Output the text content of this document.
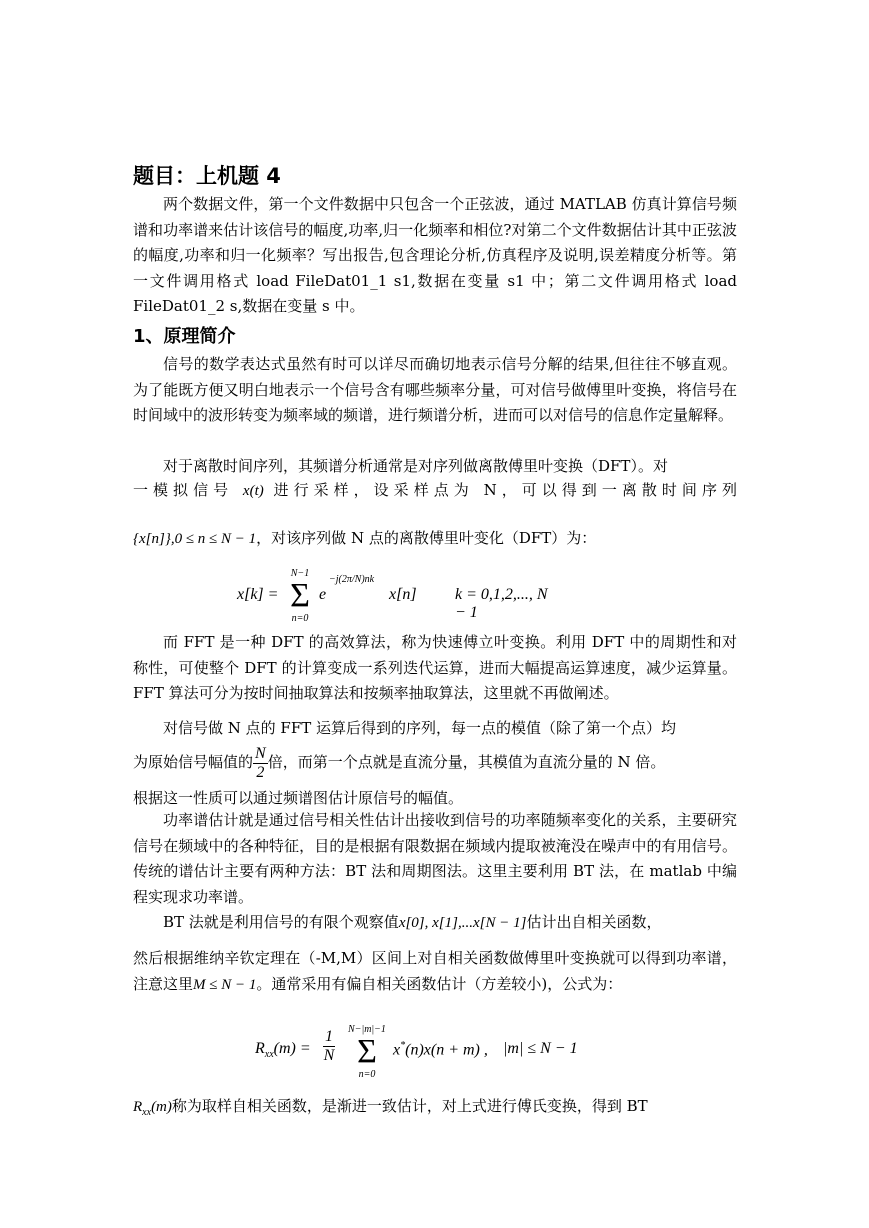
题目：上机题 4

两个数据文件，第一个文件数据中只包含一个正弦波，通过 MATLAB 仿真计算信号频谱和功率谱来估计该信号的幅度,功率,归一化频率和相位?对第二个文件数据估计其中正弦波的幅度,功率和归一化频率？写出报告,包含理论分析,仿真程序及说明,误差精度分析等。第一文件调用格式 load FileDat01_1 s1,数据在变量 s1 中；第二文件调用格式 load FileDat01_2 s,数据在变量 s 中。

1、原理简介

信号的数学表达式虽然有时可以详尽而确切地表示信号分解的结果,但往往不够直观。为了能既方便又明白地表示一个信号含有哪些频率分量，可对信号做傅里叶变换，将信号在时间域中的波形转变为频率域的频谱，进行频谱分析，进而可以对信号的信息作定量解释。

对于离散时间序列，其频谱分析通常是对序列做离散傅里叶变换（DFT）。对

一模拟信号 x(t) 进行采样，设采样点为 N，可以得到一离散时间序列

{x[n]},0 ≤ n ≤ N − 1，对该序列做 N 点的离散傅里叶变化（DFT）为：

x[k] =
N−1
Σ
n=0
e
−j(2π/N)nk
x[n] k = 0,1,2,..., N − 1

而 FFT 是一种 DFT 的高效算法，称为快速傅立叶变换。利用 DFT 中的周期性和对称性，可使整个 DFT 的计算变成一系列迭代运算，进而大幅提高运算速度，减少运算量。FFT 算法可分为按时间抽取算法和按频率抽取算法，这里就不再做阐述。

对信号做 N 点的 FFT 运算后得到的序列，每一点的模值（除了第一个点）均

为原始信号幅值的 $\frac{N}{2}$ 倍，而第一个点就是直流分量，其模值为直流分量的 N 倍。

根据这一性质可以通过频谱图估计原信号的幅值。

功率谱估计就是通过信号相关性估计出接收到信号的功率随频率变化的关系，主要研究信号在频域中的各种特征，目的是根据有限数据在频域内提取被淹没在噪声中的有用信号。传统的谱估计主要有两种方法：BT 法和周期图法。这里主要利用 BT 法，在 matlab 中编程实现求功率谱。

BT 法就是利用信号的有限个观察值x[0], x[1],...x[N − 1]估计出自相关函数，

然后根据维纳辛钦定理在（-M,M）区间上对自相关函数做傅里叶变换就可以得到功率谱，注意这里M ≤ N − 1。通常采用有偏自相关函数估计（方差较小)，公式为：

$R_{xx}(m) = \frac{1}{N}$	N−|m|−1
Σ
n=0
x*(n)x(n + m) , |m| ≤ N − 1

$R_{xx}(m)$称为取样自相关函数，是渐进一致估计，对上式进行傅氏变换，得到 BT
